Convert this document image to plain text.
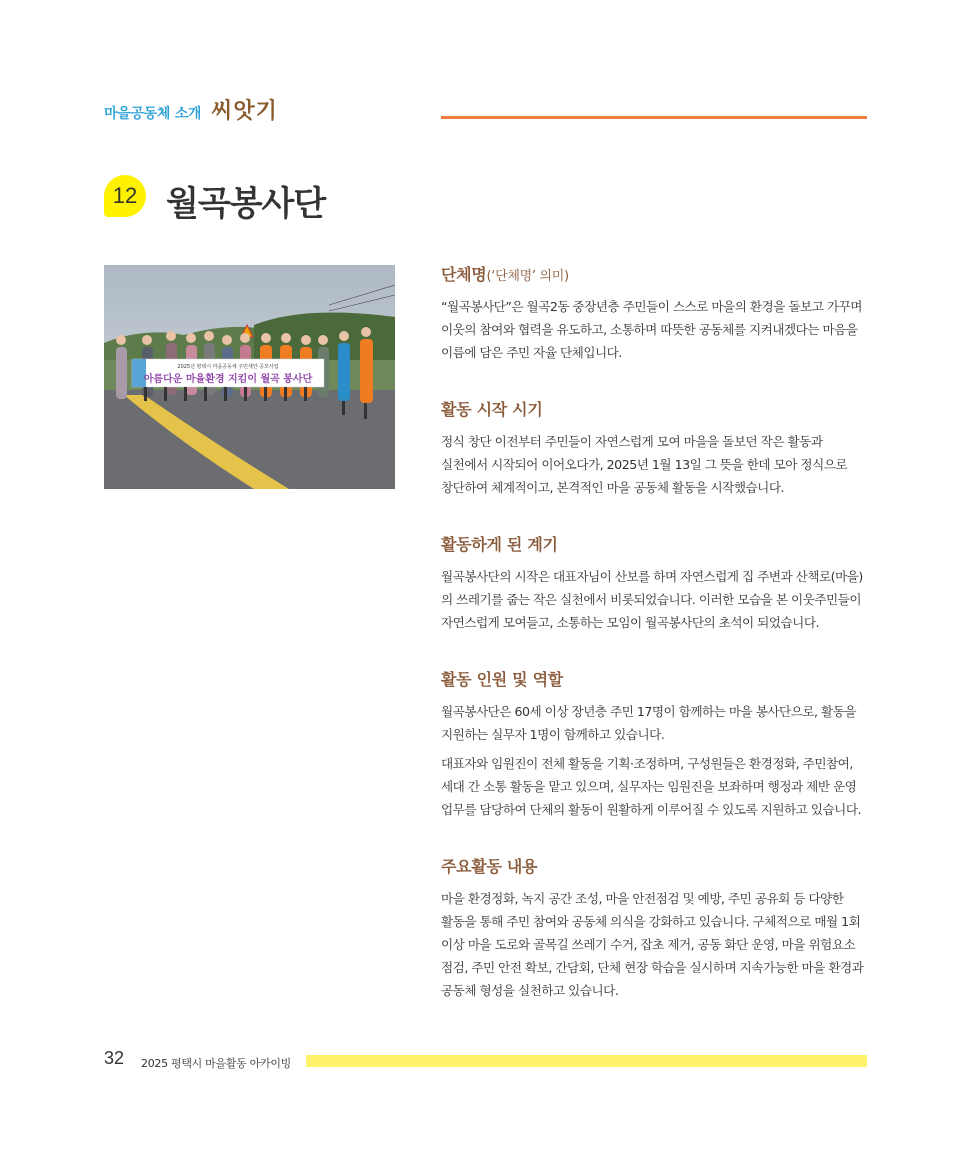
마을공동체 소개 씨앗기
12 월곡봉사단
2025년 평택시 마을공동체 주민제안 공모사업
아름다운 마을환경 지킴이 월곡 봉사단
단체명(‘단체명’ 의미)

“월곡봉사단”은 월곡2동 중장년층 주민들이 스스로 마을의 환경을 돌보고 가꾸며 이웃의 참여와 협력을 유도하고, 소통하며 따뜻한 공동체를 지켜내겠다는 마음을 이름에 담은 주민 자율 단체입니다.

활동 시작 시기

정식 창단 이전부터 주민들이 자연스럽게 모여 마을을 돌보던 작은 활동과 실천에서 시작되어 이어오다가, 2025년 1월 13일 그 뜻을 한데 모아 정식으로 창단하여 체계적이고, 본격적인 마을 공동체 활동을 시작했습니다.

활동하게 된 계기

월곡봉사단의 시작은 대표자님이 산보를 하며 자연스럽게 집 주변과 산책로(마을)의 쓰레기를 줍는 작은 실천에서 비롯되었습니다. 이러한 모습을 본 이웃주민들이 자연스럽게 모여들고, 소통하는 모임이 월곡봉사단의 초석이 되었습니다.

활동 인원 및 역할

월곡봉사단은 60세 이상 장년층 주민 17명이 함께하는 마을 봉사단으로, 활동을 지원하는 실무자 1명이 함께하고 있습니다.

대표자와 임원진이 전체 활동을 기획·조정하며, 구성원들은 환경정화, 주민참여, 세대 간 소통 활동을 맡고 있으며, 실무자는 임원진을 보좌하며 행정과 제반 운영 업무를 담당하여 단체의 활동이 원활하게 이루어질 수 있도록 지원하고 있습니다.

주요활동 내용

마을 환경정화, 녹지 공간 조성, 마을 안전점검 및 예방, 주민 공유회 등 다양한 활동을 통해 주민 참여와 공동체 의식을 강화하고 있습니다. 구체적으로 매월 1회 이상 마을 도로와 골목길 쓰레기 수거, 잡초 제거, 공동 화단 운영, 마을 위험요소 점검, 주민 안전 확보, 간담회, 단체 현장 학습을 실시하며 지속가능한 마을 환경과 공동체 형성을 실천하고 있습니다.

32 2025 평택시 마을활동 아카이빙
